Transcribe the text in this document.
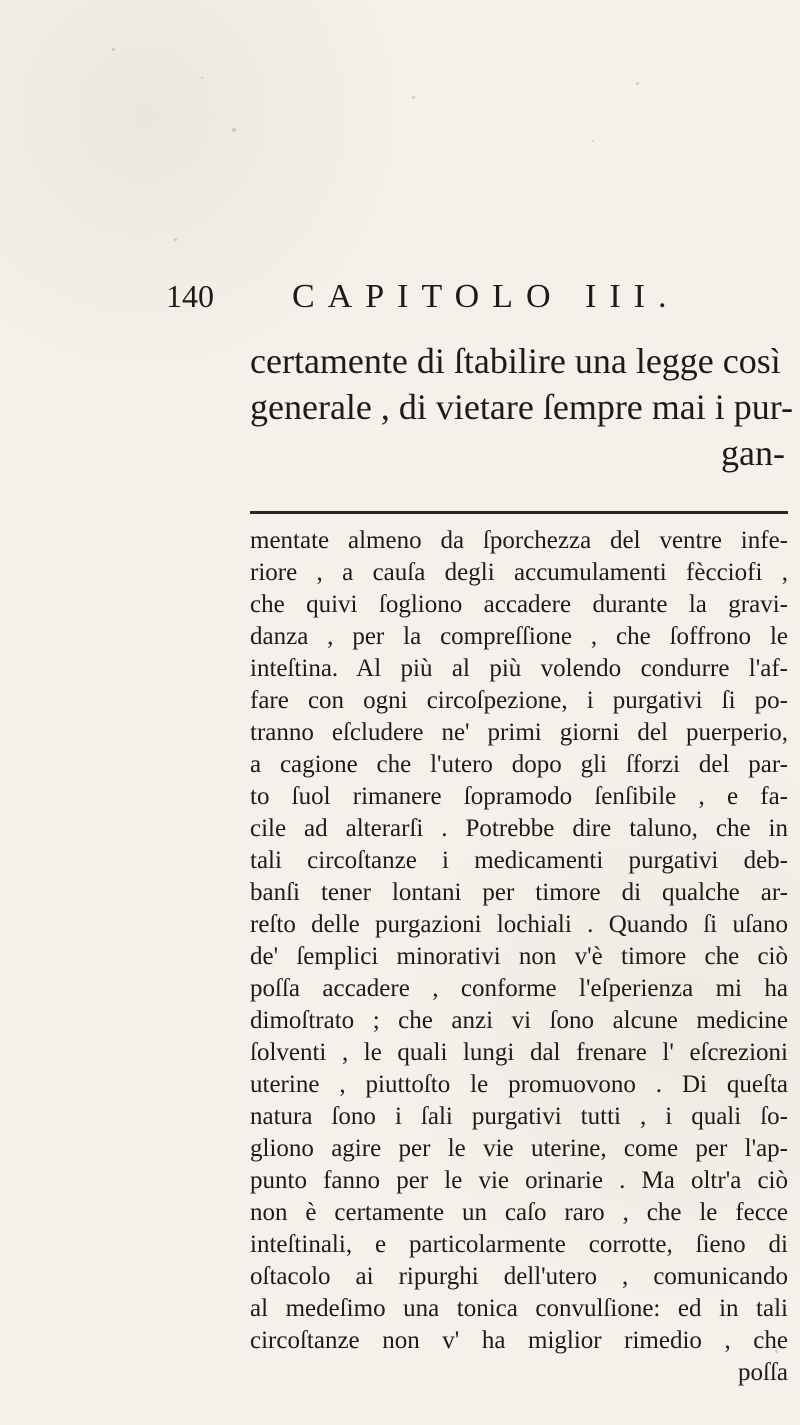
140 CAPITOLO III.
certamente di ſtabilire una legge così
generale , di vietare ſempre mai i pur-
gan-
mentate almeno da ſporchezza del ventre infe-
riore , a cauſa degli accumulamenti fècciofi ,
che quivi ſogliono accadere durante la gravi-
danza , per la compreſſione , che ſoffrono le
inteſtina. Al più al più volendo condurre l'af-
fare con ogni circoſpezione, i purgativi ſi po-
tranno eſcludere ne' primi giorni del puerperio,
a cagione che l'utero dopo gli ſforzi del par-
to ſuol rimanere ſopramodo ſenſibile , e fa-
cile ad alterarſi . Potrebbe dire taluno, che in
tali circoſtanze i medicamenti purgativi deb-
banſi tener lontani per timore di qualche ar-
reſto delle purgazioni lochiali . Quando ſi uſano
de' ſemplici minorativi non v'è timore che ciò
poſſa accadere , conforme l'eſperienza mi ha
dimoſtrato ; che anzi vi ſono alcune medicine
ſolventi , le quali lungi dal frenare l' eſcrezioni
uterine , piuttoſto le promuovono . Di queſta
natura ſono i ſali purgativi tutti , i quali ſo-
gliono agire per le vie uterine, come per l'ap-
punto fanno per le vie orinarie . Ma oltr'a ciò
non è certamente un caſo raro , che le fecce
inteſtinali, e particolarmente corrotte, ſieno di
oſtacolo ai ripurghi dell'utero , comunicando
al medeſimo una tonica convulſione: ed in tali
circoſtanze non v' ha miglior rimedio , che
poſſa
